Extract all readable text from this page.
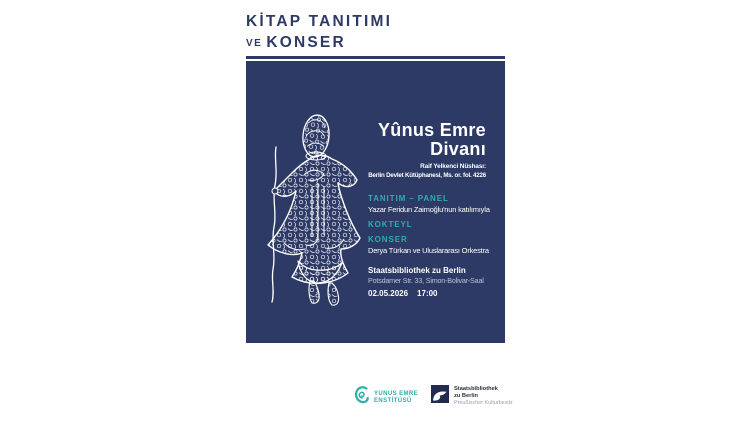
KİTAP TANITIMI
VE KONSER
Yûnus Emre
Divanı
Raif Yelkenci Nüshası:
Berlin Devlet Kütüphanesi, Ms. or. fol. 4226
TANITIM – PANEL
Yazar Feridun Zaimoğlu'nun katılımıyla
KOKTEYL
KONSER
Derya Türkan ve Uluslararası Orkestra
Staatsbibliothek zu Berlin
Potsdamer Str. 33, Simon-Bolivar-Saal
02.05.2026 17:00
YUNUS EMRE
ENSTİTÜSÜ
Staatsbibliothek
zu Berlin
Preußischer Kulturbesitz
